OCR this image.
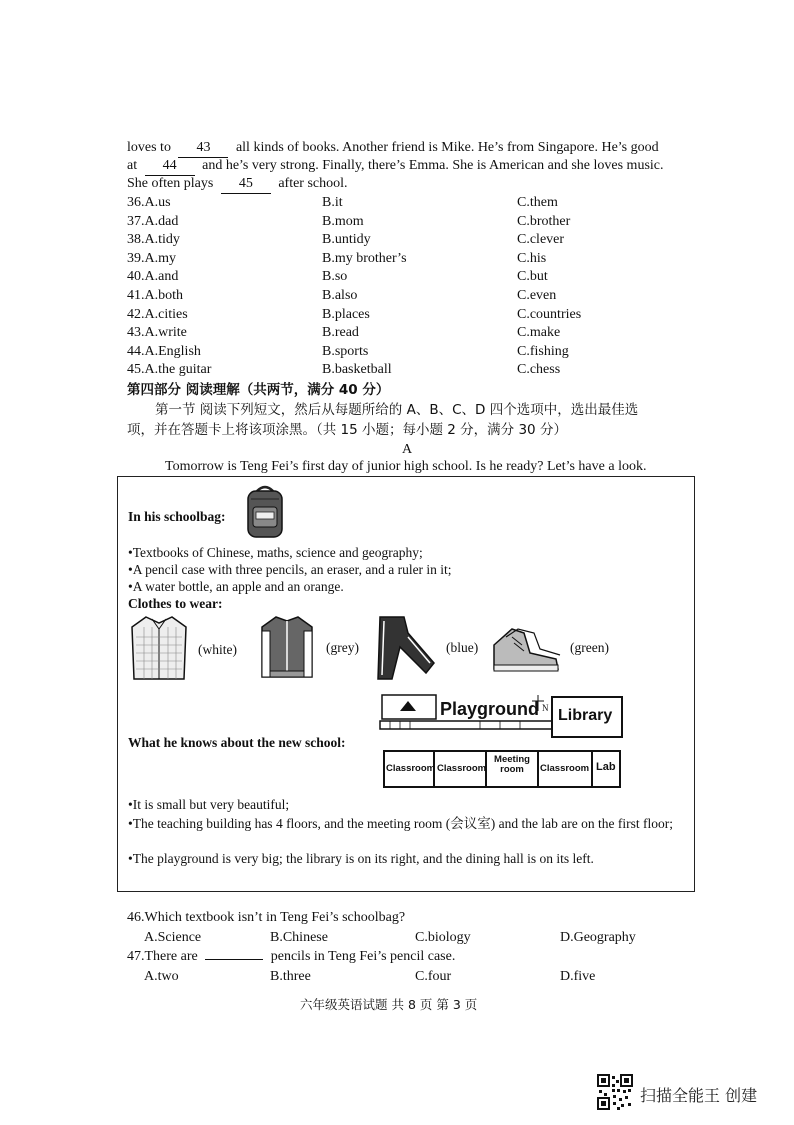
loves to 43 all kinds of books. Another friend is Mike. He’s from Singapore. He’s good
at 44 and he’s very strong. Finally, there’s Emma. She is American and she loves music.
She often plays 45 after school.
36.A.us	B.it	C.them
37.A.dad	B.mom	C.brother
38.A.tidy	B.untidy	C.clever
39.A.my	B.my brother’s	C.his
40.A.and	B.so	C.but
41.A.both	B.also	C.even
42.A.cities	B.places	C.countries
43.A.write	B.read	C.make
44.A.English	B.sports	C.fishing
45.A.the guitar	B.basketball	C.chess
第四部分 阅读理解（共两节，满分 40 分）
第一节 阅读下列短文，然后从每题所给的 A、B、C、D 四个选项中，选出最佳选
项，并在答题卡上将该项涂黑。（共 15 小题；每小题 2 分，满分 30 分）
A
Tomorrow is Teng Fei’s first day of junior high school. Is he ready? Let’s have a look.
In his schoolbag:
•Textbooks of Chinese, maths, science and geography;
•A pencil case with three pencils, an eraser, and a ruler in it;
•A water bottle, an apple and an orange.
Clothes to wear:
(white)	(grey)	(blue)	(green)
What he knows about the new school:
Playground N Library
Classroom Classroom
Meeting room	Classroom Lab
•It is small but very beautiful;
•The teaching building has 4 floors, and the meeting room (会议室) and the lab are on the first floor;
•The playground is very big; the library is on its right, and the dining hall is on its left.
46.Which textbook isn’t in Teng Fei’s schoolbag?
A.Science	B.Chinese	C.biology	D.Geography
47.There are	pencils in Teng Fei’s pencil case.
A.two	B.three	C.four	D.five
六年级英语试题 共 8 页 第 3 页
扫描全能王 创建
